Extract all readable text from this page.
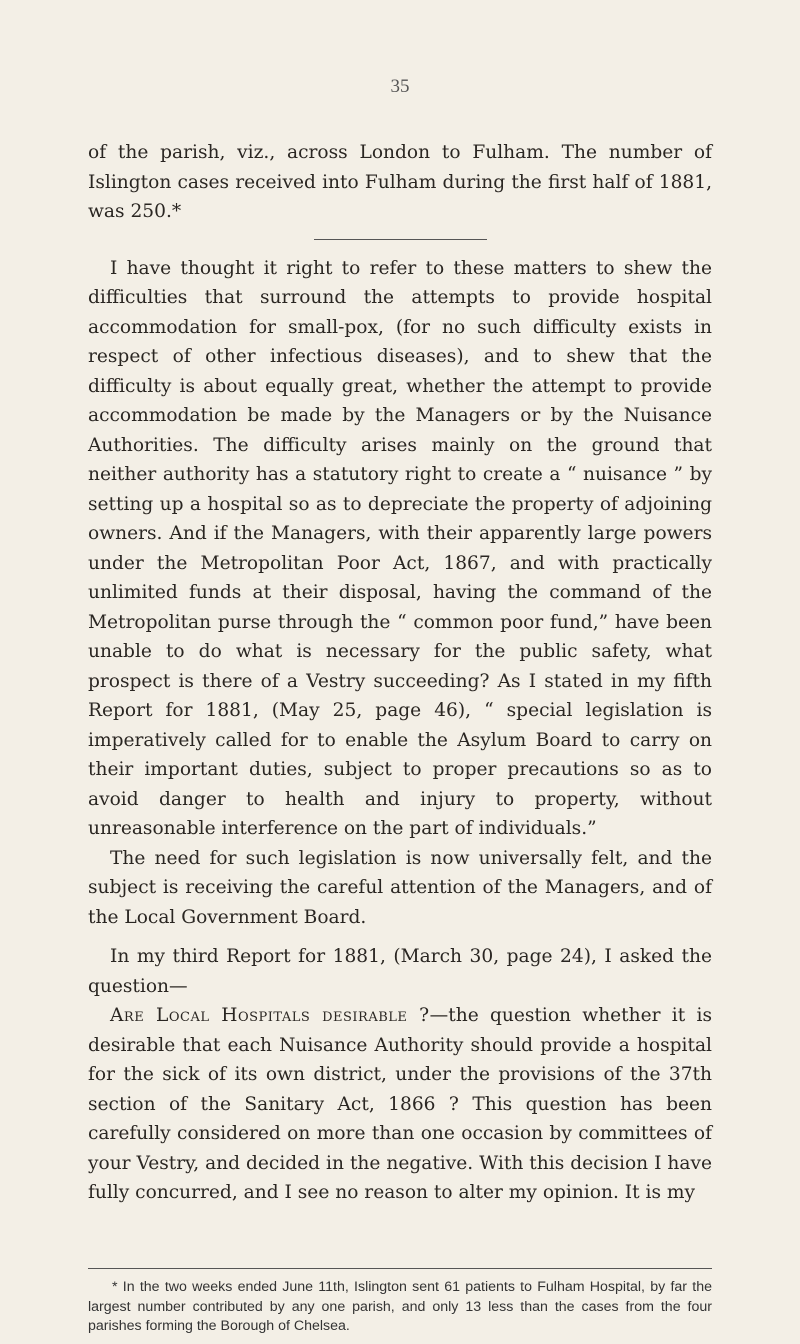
35

of the parish, viz., across London to Fulham. The number of Islington cases received into Fulham during the first half of 1881, was 250.*

I have thought it right to refer to these matters to shew the difficulties that surround the attempts to provide hospital accommodation for small-pox, (for no such difficulty exists in respect of other infectious diseases), and to shew that the difficulty is about equally great, whether the attempt to provide accommodation be made by the Managers or by the Nuisance Authorities. The difficulty arises mainly on the ground that neither authority has a statutory right to create a “ nuisance ” by setting up a hospital so as to depreciate the property of adjoining owners. And if the Managers, with their apparently large powers under the Metropolitan Poor Act, 1867, and with practically unlimited funds at their disposal, having the command of the Metropolitan purse through the “ common poor fund,” have been unable to do what is necessary for the public safety, what prospect is there of a Vestry succeeding? As I stated in my fifth Report for 1881, (May 25, page 46), “ special legislation is imperatively called for to enable the Asylum Board to carry on their important duties, subject to proper precautions so as to avoid danger to health and injury to property, without unreasonable interference on the part of individuals.”

The need for such legislation is now universally felt, and the subject is receiving the careful attention of the Managers, and of the Local Government Board.

In my third Report for 1881, (March 30, page 24), I asked the question—

Are Local Hospitals desirable ?—the question whether it is desirable that each Nuisance Authority should provide a hospital for the sick of its own district, under the provisions of the 37th section of the Sanitary Act, 1866 ? This question has been carefully considered on more than one occasion by committees of your Vestry, and decided in the negative. With this decision I have fully concurred, and I see no reason to alter my opinion. It is my

* In the two weeks ended June 11th, Islington sent 61 patients to Fulham Hospital, by far the largest number contributed by any one parish, and only 13 less than the cases from the four parishes forming the Borough of Chelsea.
